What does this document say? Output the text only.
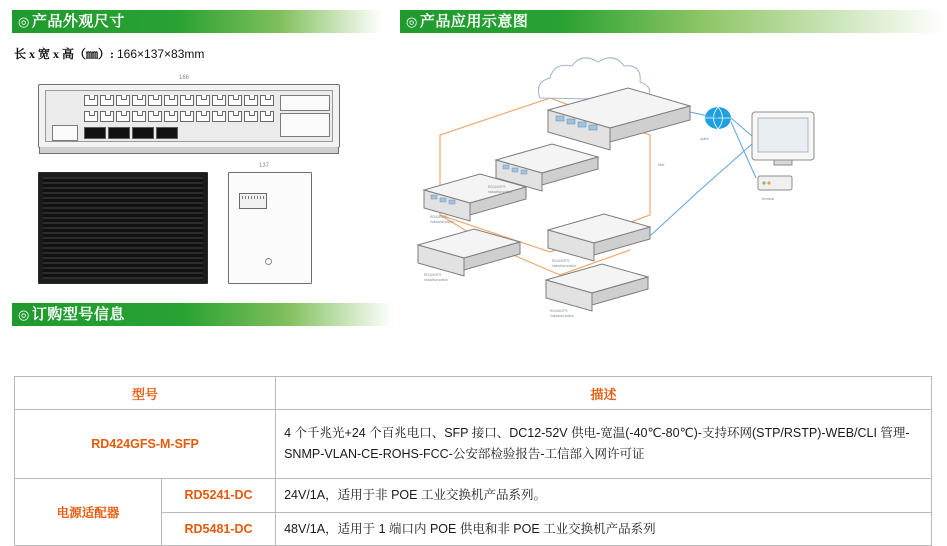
◎ 产品外观尺寸	◎ 产品应用示意图
长 x 宽 x 高（㎜）: 166×137×83mm
166
137
RD424GFS
industrial switch
RD424GFS
industrial switch
RD424GFS
industrial switch
RD424GFS
industrial switch
RD424GFS
industrial switch
fiber
uplink
terminal
◎ 订购型号信息
型号		描述
RD424GFS-M-SFP		4 个千兆光+24 个百兆电口、SFP 接口、DC12-52V 供电-宽温(-40℃-80℃)-支持环网(STP/RSTP)-WEB/CLI 管理-SNMP-VLAN-CE-ROHS-FCC-公安部检验报告-工信部入网许可证
电源适配器	RD5241-DC	24V/1A，适用于非 POE 工业交换机产品系列。
	RD5481-DC	48V/1A，适用于 1 端口内 POE 供电和非 POE 工业交换机产品系列
